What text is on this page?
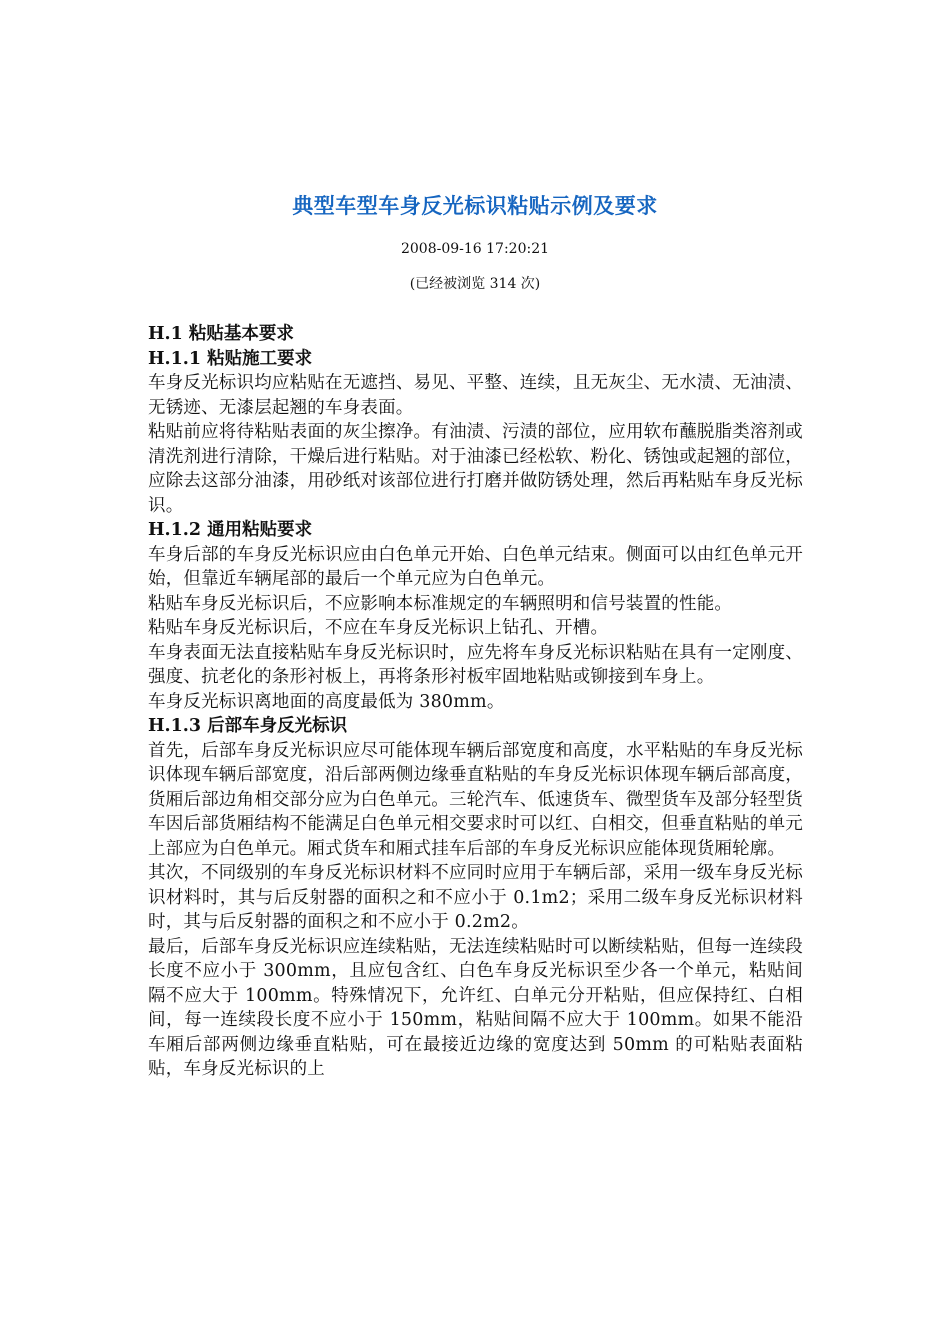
典型车型车身反光标识粘贴示例及要求
2008-09-16 17:20:21
(已经被浏览 314 次)
H.1 粘贴基本要求
H.1.1 粘贴施工要求

车身反光标识均应粘贴在无遮挡、易见、平整、连续，且无灰尘、无水渍、无油渍、无锈迹、无漆层起翘的车身表面。

粘贴前应将待粘贴表面的灰尘擦净。有油渍、污渍的部位，应用软布蘸脱脂类溶剂或清洗剂进行清除，干燥后进行粘贴。对于油漆已经松软、粉化、锈蚀或起翘的部位，应除去这部分油漆，用砂纸对该部位进行打磨并做防锈处理，然后再粘贴车身反光标识。

H.1.2 通用粘贴要求

车身后部的车身反光标识应由白色单元开始、白色单元结束。侧面可以由红色单元开始，但靠近车辆尾部的最后一个单元应为白色单元。

粘贴车身反光标识后，不应影响本标准规定的车辆照明和信号装置的性能。

粘贴车身反光标识后，不应在车身反光标识上钻孔、开槽。

车身表面无法直接粘贴车身反光标识时，应先将车身反光标识粘贴在具有一定刚度、强度、抗老化的条形衬板上，再将条形衬板牢固地粘贴或铆接到车身上。

车身反光标识离地面的高度最低为 380mm。

H.1.3 后部车身反光标识

首先，后部车身反光标识应尽可能体现车辆后部宽度和高度，水平粘贴的车身反光标识体现车辆后部宽度，沿后部两侧边缘垂直粘贴的车身反光标识体现车辆后部高度，货厢后部边角相交部分应为白色单元。三轮汽车、低速货车、微型货车及部分轻型货车因后部货厢结构不能满足白色单元相交要求时可以红、白相交，但垂直粘贴的单元上部应为白色单元。厢式货车和厢式挂车后部的车身反光标识应能体现货厢轮廓。

其次，不同级别的车身反光标识材料不应同时应用于车辆后部，采用一级车身反光标识材料时，其与后反射器的面积之和不应小于 0.1m2；采用二级车身反光标识材料时，其与后反射器的面积之和不应小于 0.2m2。

最后，后部车身反光标识应连续粘贴，无法连续粘贴时可以断续粘贴，但每一连续段长度不应小于 300mm，且应包含红、白色车身反光标识至少各一个单元，粘贴间隔不应大于 100mm。特殊情况下，允许红、白单元分开粘贴，但应保持红、白相间，每一连续段长度不应小于 150mm，粘贴间隔不应大于 100mm。如果不能沿车厢后部两侧边缘垂直粘贴，可在最接近边缘的宽度达到 50mm 的可粘贴表面粘贴，车身反光标识的上
